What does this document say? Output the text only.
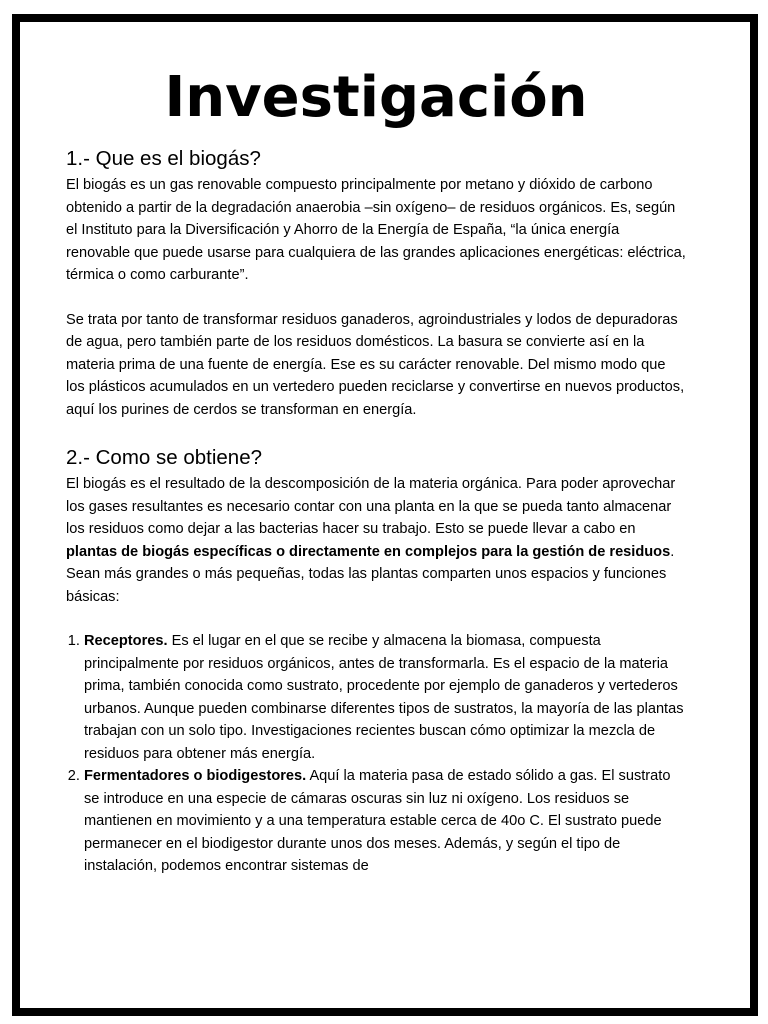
Investigación
1.- Que es el biogás?

El biogás es un gas renovable compuesto principalmente por metano y dióxido de carbono obtenido a partir de la degradación anaerobia –sin oxígeno– de residuos orgánicos. Es, según el Instituto para la Diversificación y Ahorro de la Energía de España, “la única energía renovable que puede usarse para cualquiera de las grandes aplicaciones energéticas: eléctrica, térmica o como carburante”.

Se trata por tanto de transformar residuos ganaderos, agroindustriales y lodos de depuradoras de agua, pero también parte de los residuos domésticos. La basura se convierte así en la materia prima de una fuente de energía. Ese es su carácter renovable. Del mismo modo que los plásticos acumulados en un vertedero pueden reciclarse y convertirse en nuevos productos, aquí los purines de cerdos se transforman en energía.

2.- Como se obtiene?

El biogás es el resultado de la descomposición de la materia orgánica. Para poder aprovechar los gases resultantes es necesario contar con una planta en la que se pueda tanto almacenar los residuos como dejar a las bacterias hacer su trabajo. Esto se puede llevar a cabo en plantas de biogás específicas o directamente en complejos para la gestión de residuos. Sean más grandes o más pequeñas, todas las plantas comparten unos espacios y funciones básicas:

1. Receptores. Es el lugar en el que se recibe y almacena la biomasa, compuesta principalmente por residuos orgánicos, antes de transformarla. Es el espacio de la materia prima, también conocida como sustrato, procedente por ejemplo de ganaderos y vertederos urbanos. Aunque pueden combinarse diferentes tipos de sustratos, la mayoría de las plantas trabajan con un solo tipo. Investigaciones recientes buscan cómo optimizar la mezcla de residuos para obtener más energía.
2. Fermentadores o biodigestores. Aquí la materia pasa de estado sólido a gas. El sustrato se introduce en una especie de cámaras oscuras sin luz ni oxígeno. Los residuos se mantienen en movimiento y a una temperatura estable cerca de 40o C. El sustrato puede permanecer en el biodigestor durante unos dos meses. Además, y según el tipo de instalación, podemos encontrar sistemas de
